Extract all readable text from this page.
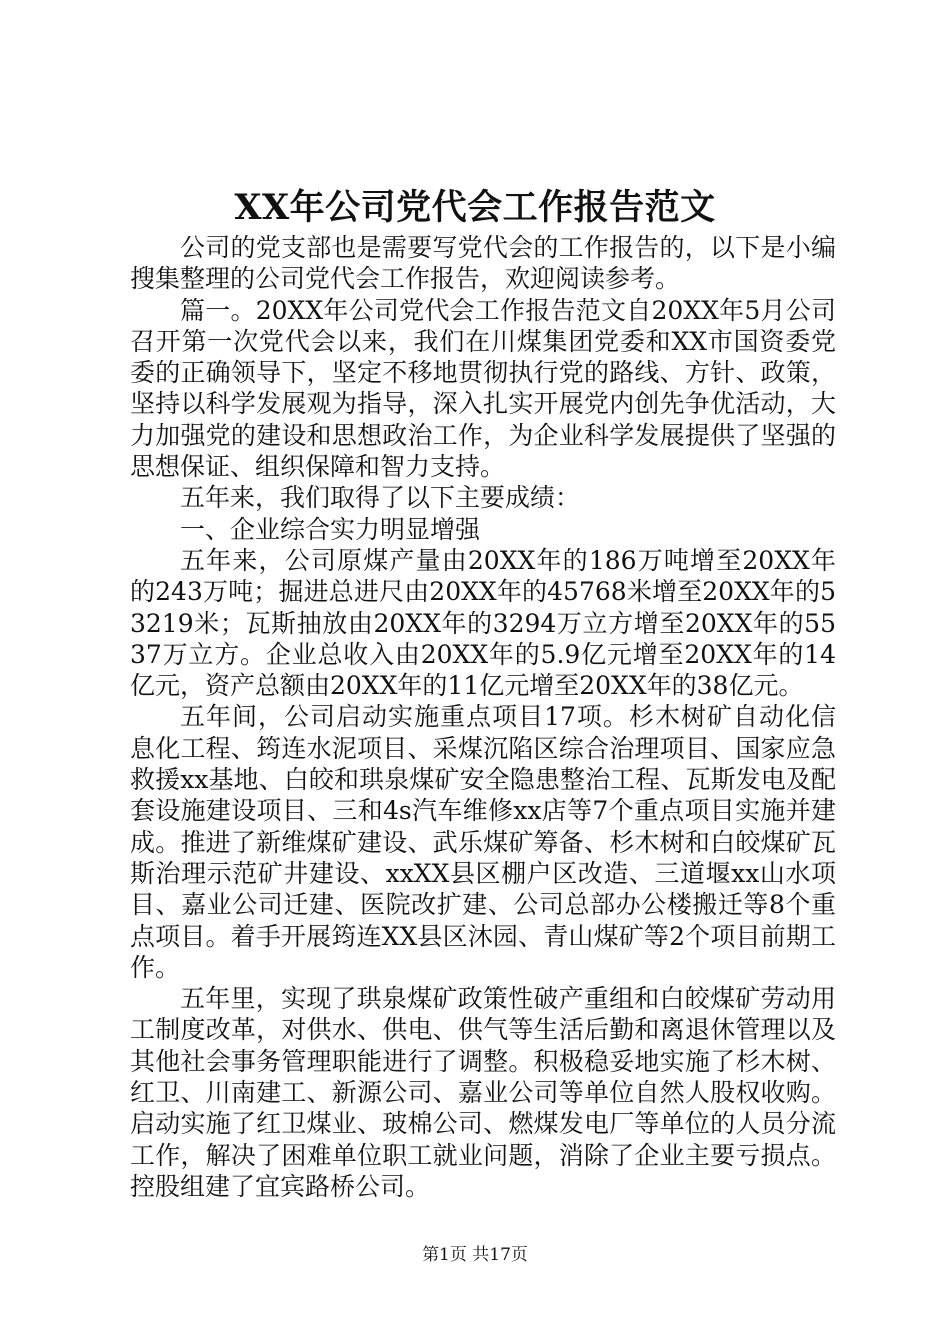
XX年公司党代会工作报告范文

公司的党支部也是需要写党代会的工作报告的，以下是小编搜集整理的公司党代会工作报告，欢迎阅读参考。

篇一。20XX年公司党代会工作报告范文自20XX年5月公司召开第一次党代会以来，我们在川煤集团党委和XX市国资委党委的正确领导下，坚定不移地贯彻执行党的路线、方针、政策，坚持以科学发展观为指导，深入扎实开展党内创先争优活动，大力加强党的建设和思想政治工作，为企业科学发展提供了坚强的思想保证、组织保障和智力支持。

五年来，我们取得了以下主要成绩：

一、企业综合实力明显增强

五年来，公司原煤产量由20XX年的186万吨增至20XX年的243万吨；掘进总进尺由20XX年的45768米增至20XX年的53219米；瓦斯抽放由20XX年的3294万立方增至20XX年的5537万立方。企业总收入由20XX年的5.9亿元增至20XX年的14亿元，资产总额由20XX年的11亿元增至20XX年的38亿元。

五年间，公司启动实施重点项目17项。杉木树矿自动化信息化工程、筠连水泥项目、采煤沉陷区综合治理项目、国家应急救援xx基地、白皎和珙泉煤矿安全隐患整治工程、瓦斯发电及配套设施建设项目、三和4s汽车维修xx店等7个重点项目实施并建成。推进了新维煤矿建设、武乐煤矿筹备、杉木树和白皎煤矿瓦斯治理示范矿井建设、xxXX县区棚户区改造、三道堰xx山水项目、嘉业公司迁建、医院改扩建、公司总部办公楼搬迁等8个重点项目。着手开展筠连XX县区沐园、青山煤矿等2个项目前期工作。

五年里，实现了珙泉煤矿政策性破产重组和白皎煤矿劳动用工制度改革，对供水、供电、供气等生活后勤和离退休管理以及其他社会事务管理职能进行了调整。积极稳妥地实施了杉木树、红卫、川南建工、新源公司、嘉业公司等单位自然人股权收购。启动实施了红卫煤业、玻棉公司、燃煤发电厂等单位的人员分流工作，解决了困难单位职工就业问题，消除了企业主要亏损点。控股组建了宜宾路桥公司。

第1页 共17页
